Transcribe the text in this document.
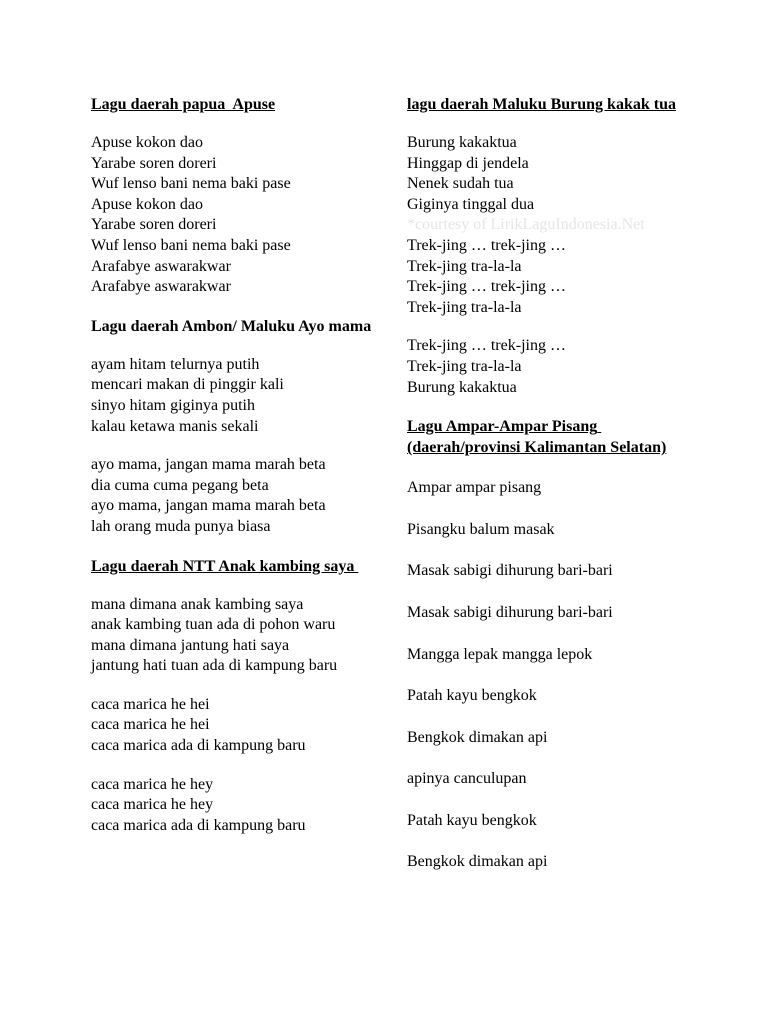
Lagu daerah papua  Apuse
Apuse kokon dao
Yarabe soren doreri
Wuf lenso bani nema baki pase
Apuse kokon dao
Yarabe soren doreri
Wuf lenso bani nema baki pase
Arafabye aswarakwar
Arafabye aswarakwar
Lagu daerah Ambon/ Maluku Ayo mama
ayam hitam telurnya putih
mencari makan di pinggir kali
sinyo hitam giginya putih
kalau ketawa manis sekali
ayo mama, jangan mama marah beta
dia cuma cuma pegang beta
ayo mama, jangan mama marah beta
lah orang muda punya biasa
Lagu daerah NTT Anak kambing saya
mana dimana anak kambing saya
anak kambing tuan ada di pohon waru
mana dimana jantung hati saya
jantung hati tuan ada di kampung baru
caca marica he hei
caca marica he hei
caca marica ada di kampung baru
caca marica he hey
caca marica he hey
caca marica ada di kampung baru
lagu daerah Maluku Burung kakak tua
Burung kakaktua
Hinggap di jendela
Nenek sudah tua
Giginya tinggal dua
*courtesy of LirikLaguIndonesia.Net
Trek-jing … trek-jing …
Trek-jing tra-la-la
Trek-jing … trek-jing …
Trek-jing tra-la-la
Trek-jing … trek-jing …
Trek-jing tra-la-la
Burung kakaktua
Lagu Ampar-Ampar Pisang (daerah/provinsi Kalimantan Selatan)
Ampar ampar pisang
Pisangku balum masak
Masak sabigi dihurung bari-bari
Masak sabigi dihurung bari-bari
Mangga lepak mangga lepok
Patah kayu bengkok
Bengkok dimakan api
apinya canculupan
Patah kayu bengkok
Bengkok dimakan api
